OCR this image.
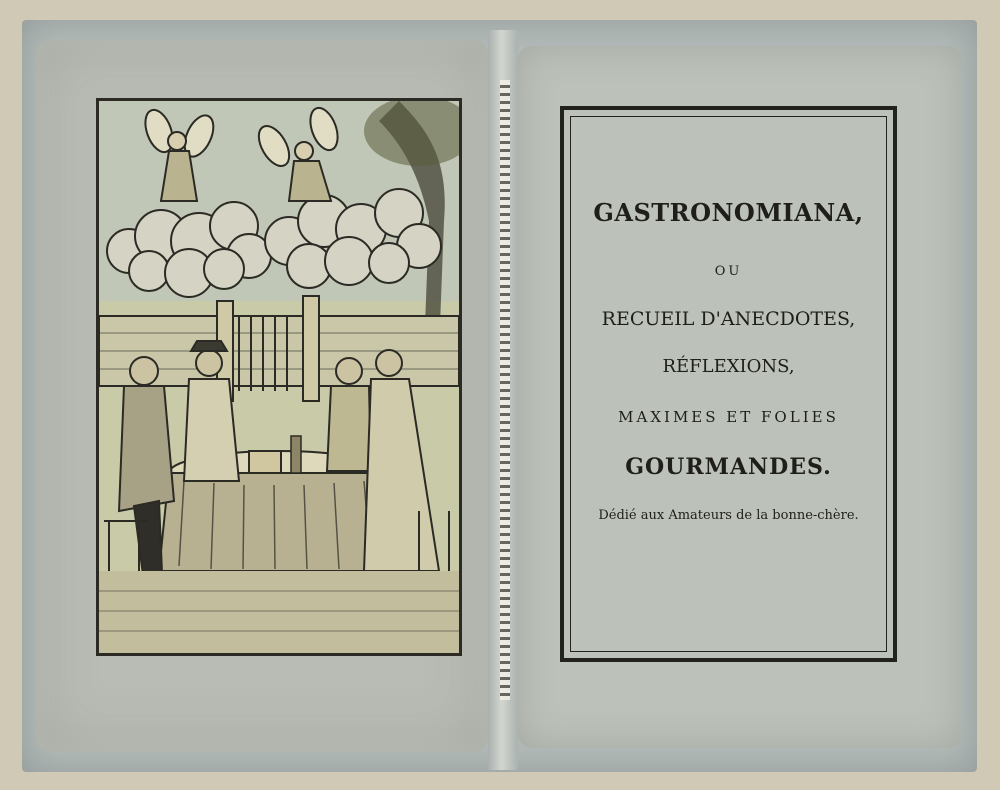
GASTRONOMIANA,
OU
RECUEIL D'ANECDOTES,
RÉFLEXIONS,
MAXIMES ET FOLIES
GOURMANDES.
Dédié aux Amateurs de la bonne-chère.
